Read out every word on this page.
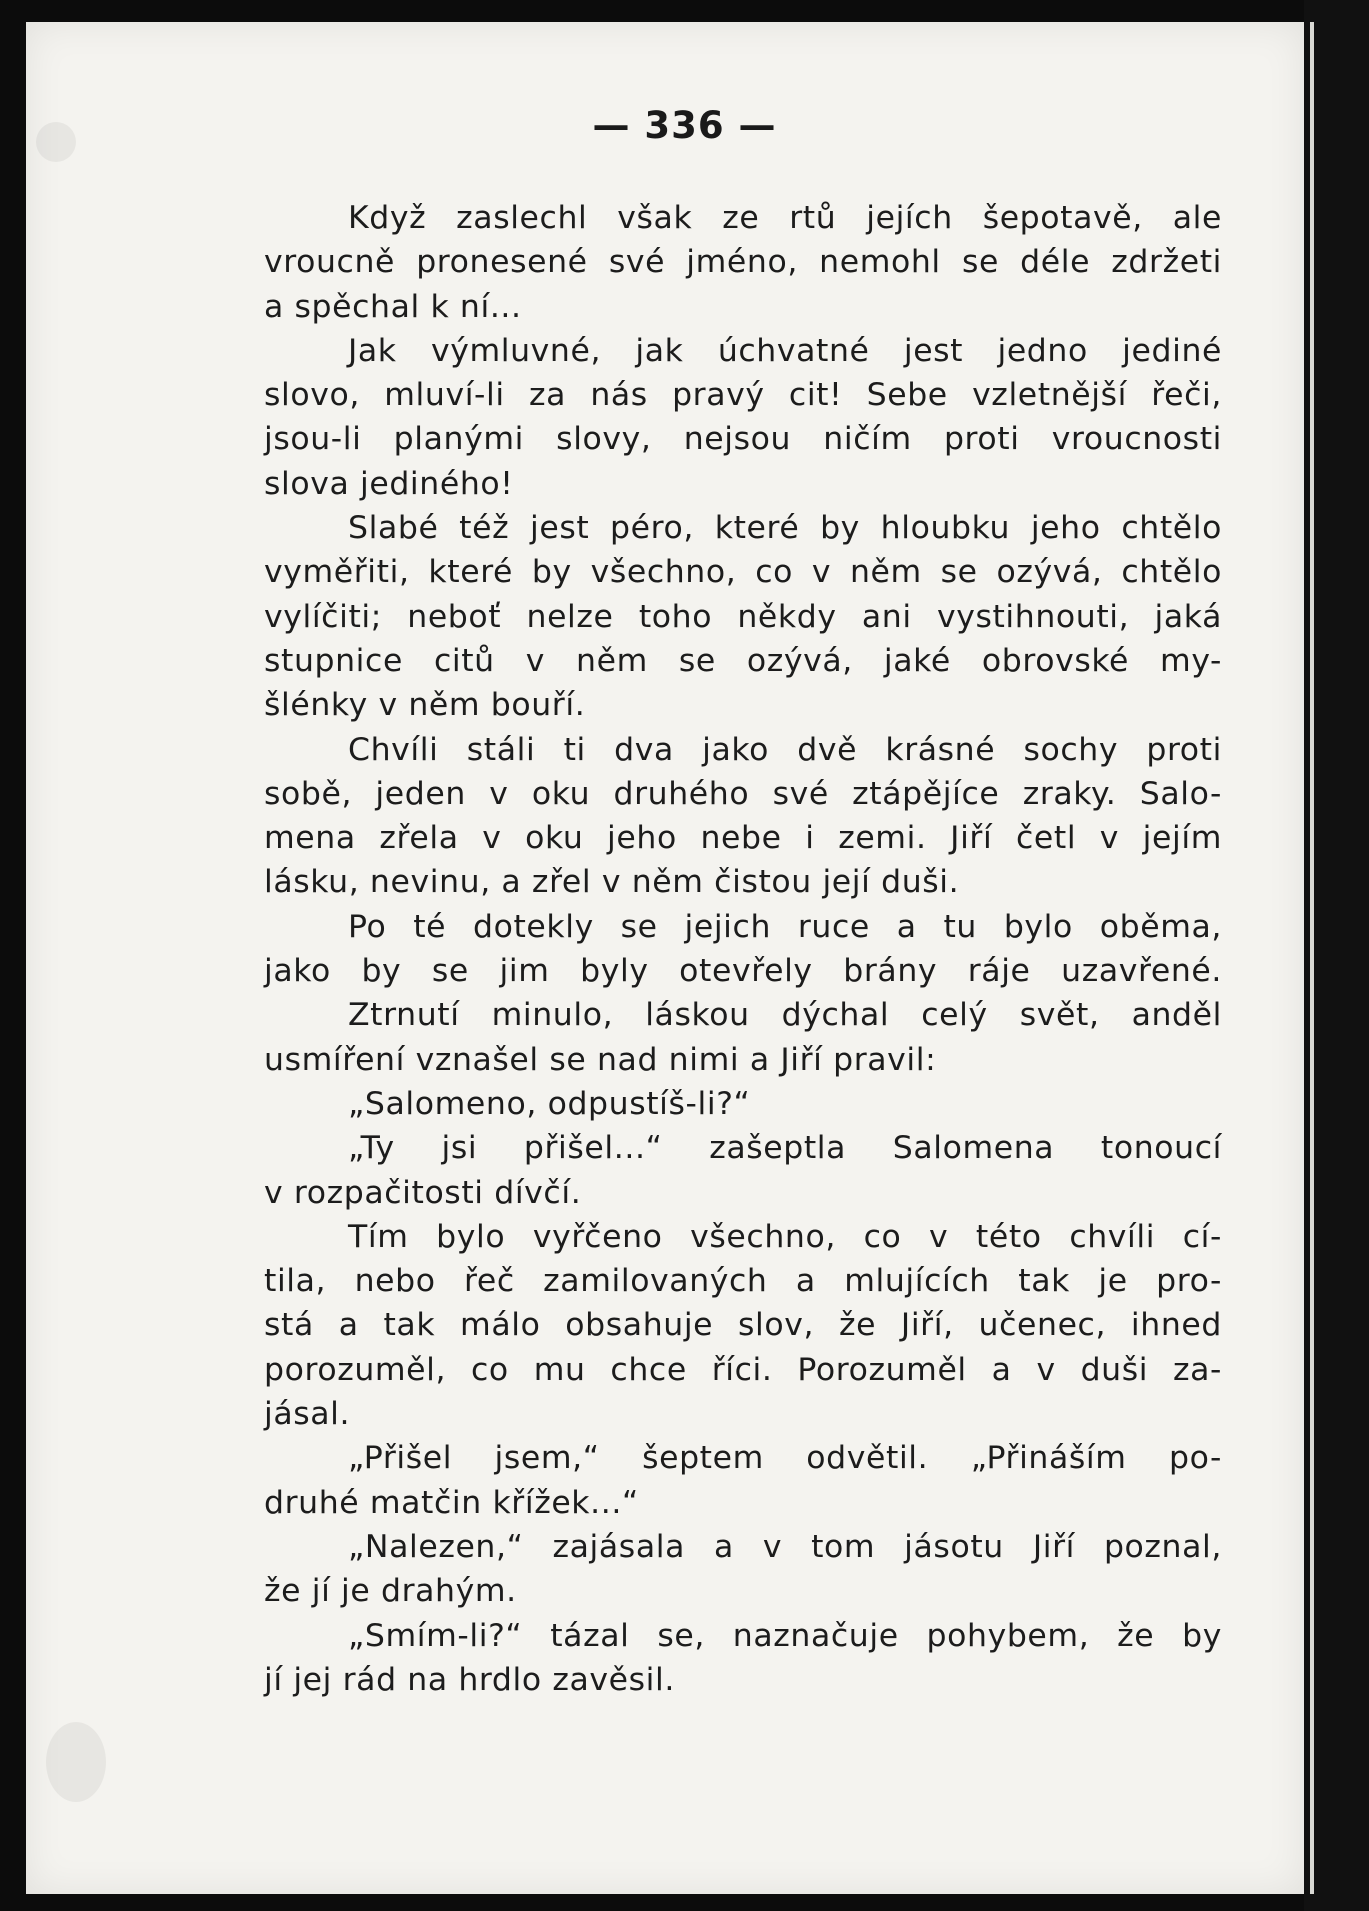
— 336 —
Když zaslechl však ze rtů jejích šepotavě, ale
vroucně pronesené své jméno, nemohl se déle zdržeti
a spěchal k ní...
Jak výmluvné, jak úchvatné jest jedno jediné
slovo, mluví-li za nás pravý cit! Sebe vzletnější řeči,
jsou-li planými slovy, nejsou ničím proti vroucnosti
slova jediného!
Slabé též jest péro, které by hloubku jeho chtělo
vyměřiti, které by všechno, co v něm se ozývá, chtělo
vylíčiti; neboť nelze toho někdy ani vystihnouti, jaká
stupnice citů v něm se ozývá, jaké obrovské my-
šlénky v něm bouří.
Chvíli stáli ti dva jako dvě krásné sochy proti
sobě, jeden v oku druhého své ztápějíce zraky. Salo-
mena zřela v oku jeho nebe i zemi. Jiří četl v jejím
lásku, nevinu, a zřel v něm čistou její duši.
Po té dotekly se jejich ruce a tu bylo oběma,
jako by se jim byly otevřely brány ráje uzavřené.
Ztrnutí minulo, láskou dýchal celý svět, anděl
usmíření vznašel se nad nimi a Jiří pravil:
„Salomeno, odpustíš-li?“
„Ty jsi přišel...“ zašeptla Salomena tonoucí
v rozpačitosti dívčí.
Tím bylo vyřčeno všechno, co v této chvíli cí-
tila, nebo řeč zamilovaných a mlujících tak je pro-
stá a tak málo obsahuje slov, že Jiří, učenec, ihned
porozuměl, co mu chce říci. Porozuměl a v duši za-
jásal.
„Přišel jsem,“ šeptem odvětil. „Přináším po-
druhé matčin křížek...“
„Nalezen,“ zajásala a v tom jásotu Jiří poznal,
že jí je drahým.
„Smím-li?“ tázal se, naznačuje pohybem, že by
jí jej rád na hrdlo zavěsil.
